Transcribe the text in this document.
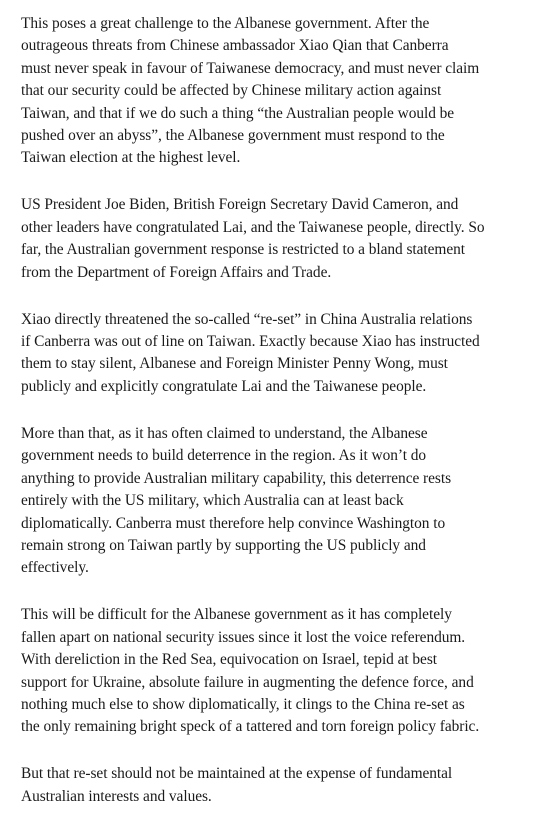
This poses a great challenge to the Albanese government. After the
outrageous threats from Chinese ambassador Xiao Qian that Canberra
must never speak in favour of Taiwanese democracy, and must never claim
that our security could be affected by Chinese military action against
Taiwan, and that if we do such a thing “the Australian people would be
pushed over an abyss”, the Albanese government must respond to the
Taiwan election at the highest level.

US President Joe Biden, British Foreign Secretary David Cameron, and
other leaders have congratulated Lai, and the Taiwanese people, directly. So
far, the Australian government response is restricted to a bland statement
from the Department of Foreign Affairs and Trade.

Xiao directly threatened the so-called “re-set” in China Australia relations
if Canberra was out of line on Taiwan. Exactly because Xiao has instructed
them to stay silent, Albanese and Foreign Minister Penny Wong, must
publicly and explicitly congratulate Lai and the Taiwanese people.

More than that, as it has often claimed to understand, the Albanese
government needs to build deterrence in the region. As it won’t do
anything to provide Australian military capability, this deterrence rests
entirely with the US military, which Australia can at least back
diplomatically. Canberra must therefore help convince Washington to
remain strong on Taiwan partly by supporting the US publicly and
effectively.

This will be difficult for the Albanese government as it has completely
fallen apart on national security issues since it lost the voice referendum.
With dereliction in the Red Sea, equivocation on Israel, tepid at best
support for Ukraine, absolute failure in augmenting the defence force, and
nothing much else to show diplomatically, it clings to the China re-set as
the only remaining bright speck of a tattered and torn foreign policy fabric.

But that re-set should not be maintained at the expense of fundamental
Australian interests and values.
